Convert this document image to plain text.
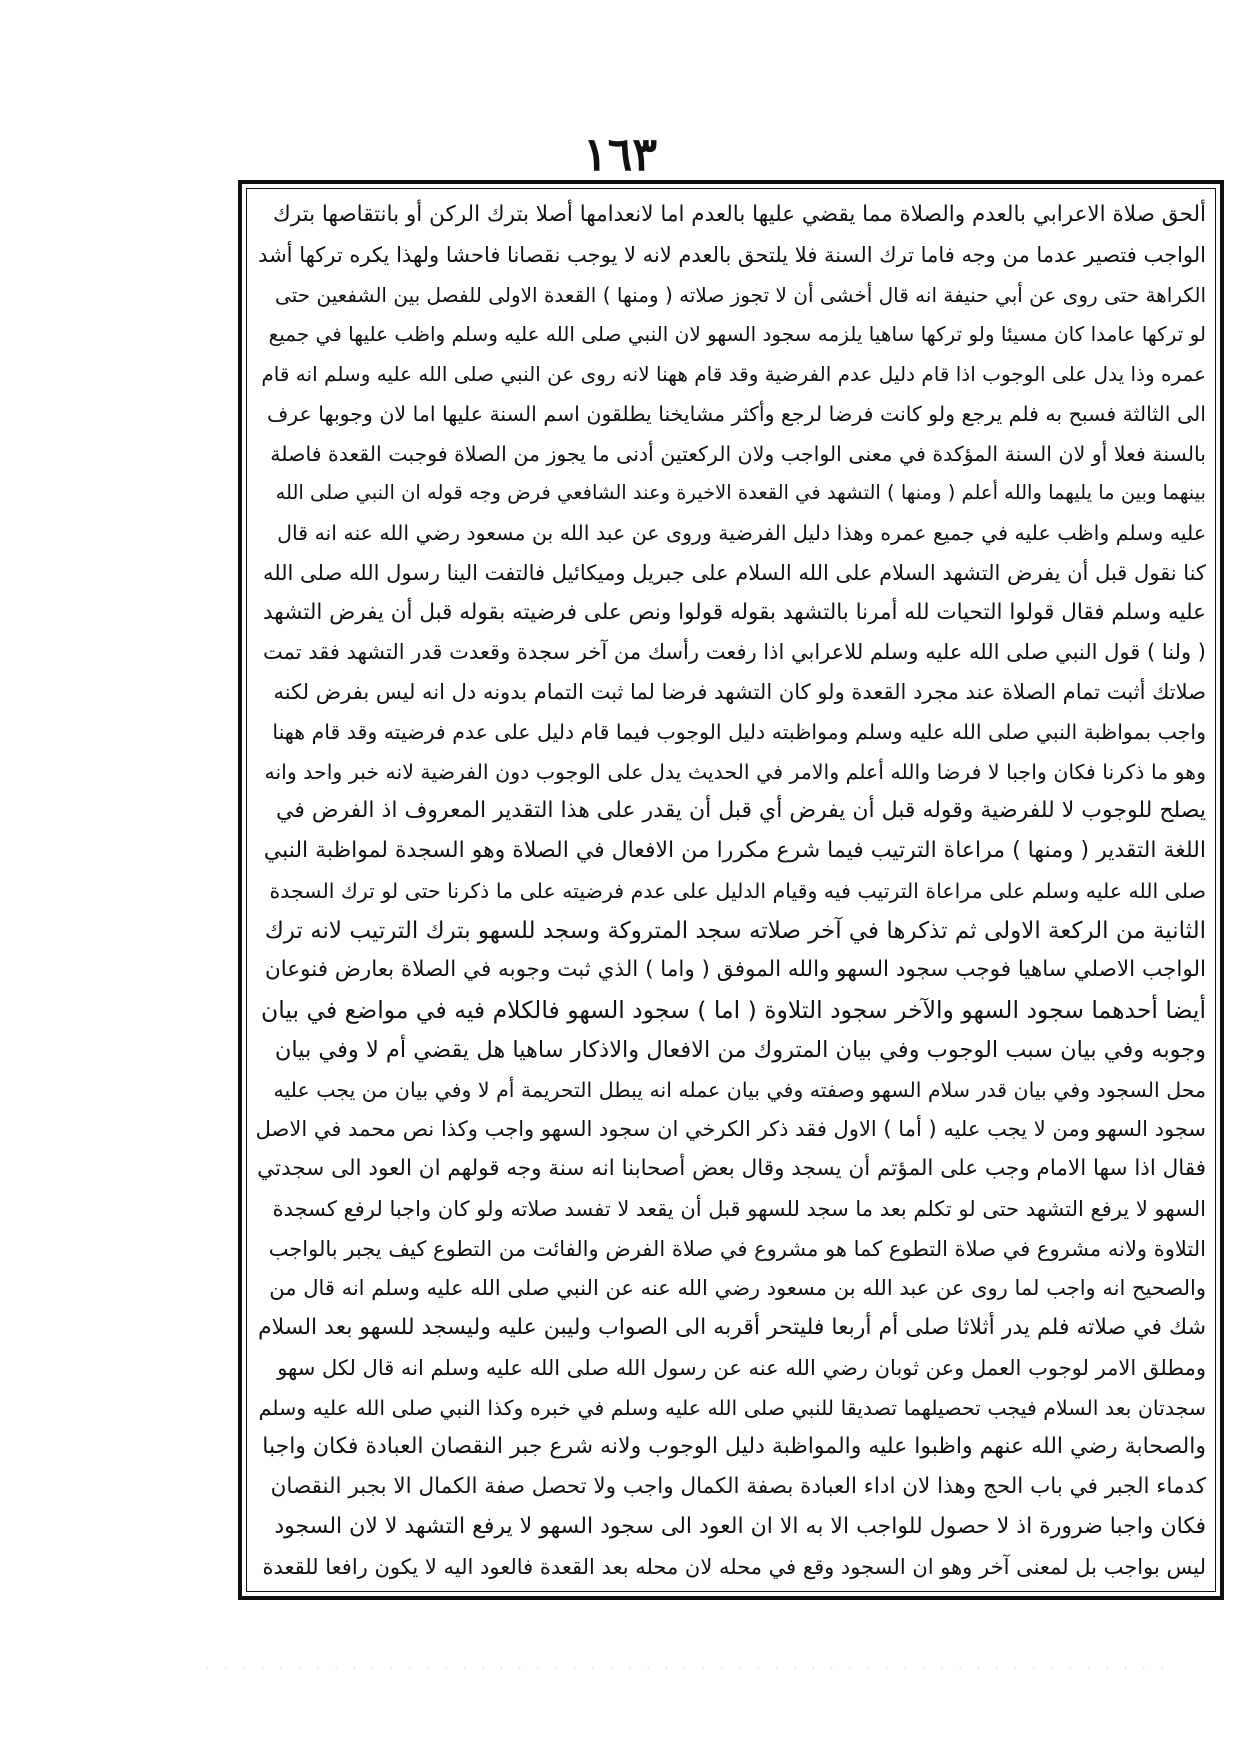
١٦٣
ألحق صلاة الاعرابي بالعدم والصلاة مما يقضي عليها بالعدم اما لانعدامها أصلا بترك الركن أو بانتقاصها بترك
الواجب فتصير عدما من وجه فاما ترك السنة فلا يلتحق بالعدم لانه لا يوجب نقصانا فاحشا ولهذا يكره تركها أشد
الكراهة حتى روى عن أبي حنيفة انه قال أخشى أن لا تجوز صلاته ( ومنها ) القعدة الاولى للفصل بين الشفعين حتى
لو تركها عامدا كان مسيئا ولو تركها ساهيا يلزمه سجود السهو لان النبي صلى الله عليه وسلم واظب عليها في جميع
عمره وذا يدل على الوجوب اذا قام دليل عدم الفرضية وقد قام ههنا لانه روى عن النبي صلى الله عليه وسلم انه قام
الى الثالثة فسبح به فلم يرجع ولو كانت فرضا لرجع وأكثر مشايخنا يطلقون اسم السنة عليها اما لان وجوبها عرف
بالسنة فعلا أو لان السنة المؤكدة في معنى الواجب ولان الركعتين أدنى ما يجوز من الصلاة فوجبت القعدة فاصلة
بينهما وبين ما يليهما والله أعلم ( ومنها ) التشهد في القعدة الاخيرة وعند الشافعي فرض وجه قوله ان النبي صلى الله
عليه وسلم واظب عليه في جميع عمره وهذا دليل الفرضية وروى عن عبد الله بن مسعود رضي الله عنه انه قال
كنا نقول قبل أن يفرض التشهد السلام على الله السلام على جبريل وميكائيل فالتفت الينا رسول الله صلى الله
عليه وسلم فقال قولوا التحيات لله أمرنا بالتشهد بقوله قولوا ونص على فرضيته بقوله قبل أن يفرض التشهد
( ولنا ) قول النبي صلى الله عليه وسلم للاعرابي اذا رفعت رأسك من آخر سجدة وقعدت قدر التشهد فقد تمت
صلاتك أثبت تمام الصلاة عند مجرد القعدة ولو كان التشهد فرضا لما ثبت التمام بدونه دل انه ليس بفرض لكنه
واجب بمواظبة النبي صلى الله عليه وسلم ومواظبته دليل الوجوب فيما قام دليل على عدم فرضيته وقد قام ههنا
وهو ما ذكرنا فكان واجبا لا فرضا والله أعلم والامر في الحديث يدل على الوجوب دون الفرضية لانه خبر واحد وانه
يصلح للوجوب لا للفرضية وقوله قبل أن يفرض أي قبل أن يقدر على هذا التقدير المعروف اذ الفرض في
اللغة التقدير ( ومنها ) مراعاة الترتيب فيما شرع مكررا من الافعال في الصلاة وهو السجدة لمواظبة النبي
صلى الله عليه وسلم على مراعاة الترتيب فيه وقيام الدليل على عدم فرضيته على ما ذكرنا حتى لو ترك السجدة
الثانية من الركعة الاولى ثم تذكرها في آخر صلاته سجد المتروكة وسجد للسهو بترك الترتيب لانه ترك
الواجب الاصلي ساهيا فوجب سجود السهو والله الموفق ( واما ) الذي ثبت وجوبه في الصلاة بعارض فنوعان
أيضا أحدهما سجود السهو والآخر سجود التلاوة ( اما ) سجود السهو فالكلام فيه في مواضع في بيان
وجوبه وفي بيان سبب الوجوب وفي بيان المتروك من الافعال والاذكار ساهيا هل يقضي أم لا وفي بيان
محل السجود وفي بيان قدر سلام السهو وصفته وفي بيان عمله انه يبطل التحريمة أم لا وفي بيان من يجب عليه
سجود السهو ومن لا يجب عليه ( أما ) الاول فقد ذكر الكرخي ان سجود السهو واجب وكذا نص محمد في الاصل
فقال اذا سها الامام وجب على المؤتم أن يسجد وقال بعض أصحابنا انه سنة وجه قولهم ان العود الى سجدتي
السهو لا يرفع التشهد حتى لو تكلم بعد ما سجد للسهو قبل أن يقعد لا تفسد صلاته ولو كان واجبا لرفع كسجدة
التلاوة ولانه مشروع في صلاة التطوع كما هو مشروع في صلاة الفرض والفائت من التطوع كيف يجبر بالواجب
والصحيح انه واجب لما روى عن عبد الله بن مسعود رضي الله عنه عن النبي صلى الله عليه وسلم انه قال من
شك في صلاته فلم يدر أثلاثا صلى أم أربعا فليتحر أقربه الى الصواب وليبن عليه وليسجد للسهو بعد السلام
ومطلق الامر لوجوب العمل وعن ثوبان رضي الله عنه عن رسول الله صلى الله عليه وسلم انه قال لكل سهو
سجدتان بعد السلام فيجب تحصيلهما تصديقا للنبي صلى الله عليه وسلم في خبره وكذا النبي صلى الله عليه وسلم
والصحابة رضي الله عنهم واظبوا عليه والمواظبة دليل الوجوب ولانه شرع جبر النقصان العبادة فكان واجبا
كدماء الجبر في باب الحج وهذا لان اداء العبادة بصفة الكمال واجب ولا تحصل صفة الكمال الا بجبر النقصان
فكان واجبا ضرورة اذ لا حصول للواجب الا به الا ان العود الى سجود السهو لا يرفع التشهد لا لان السجود
ليس بواجب بل لمعنى آخر وهو ان السجود وقع في محله لان محله بعد القعدة فالعود اليه لا يكون رافعا للقعدة
· · · · · · · · · · · · · · · · · · · · · · · · · · · · · · · · · · · · · · · · · · · · · · · · · · · · ·
